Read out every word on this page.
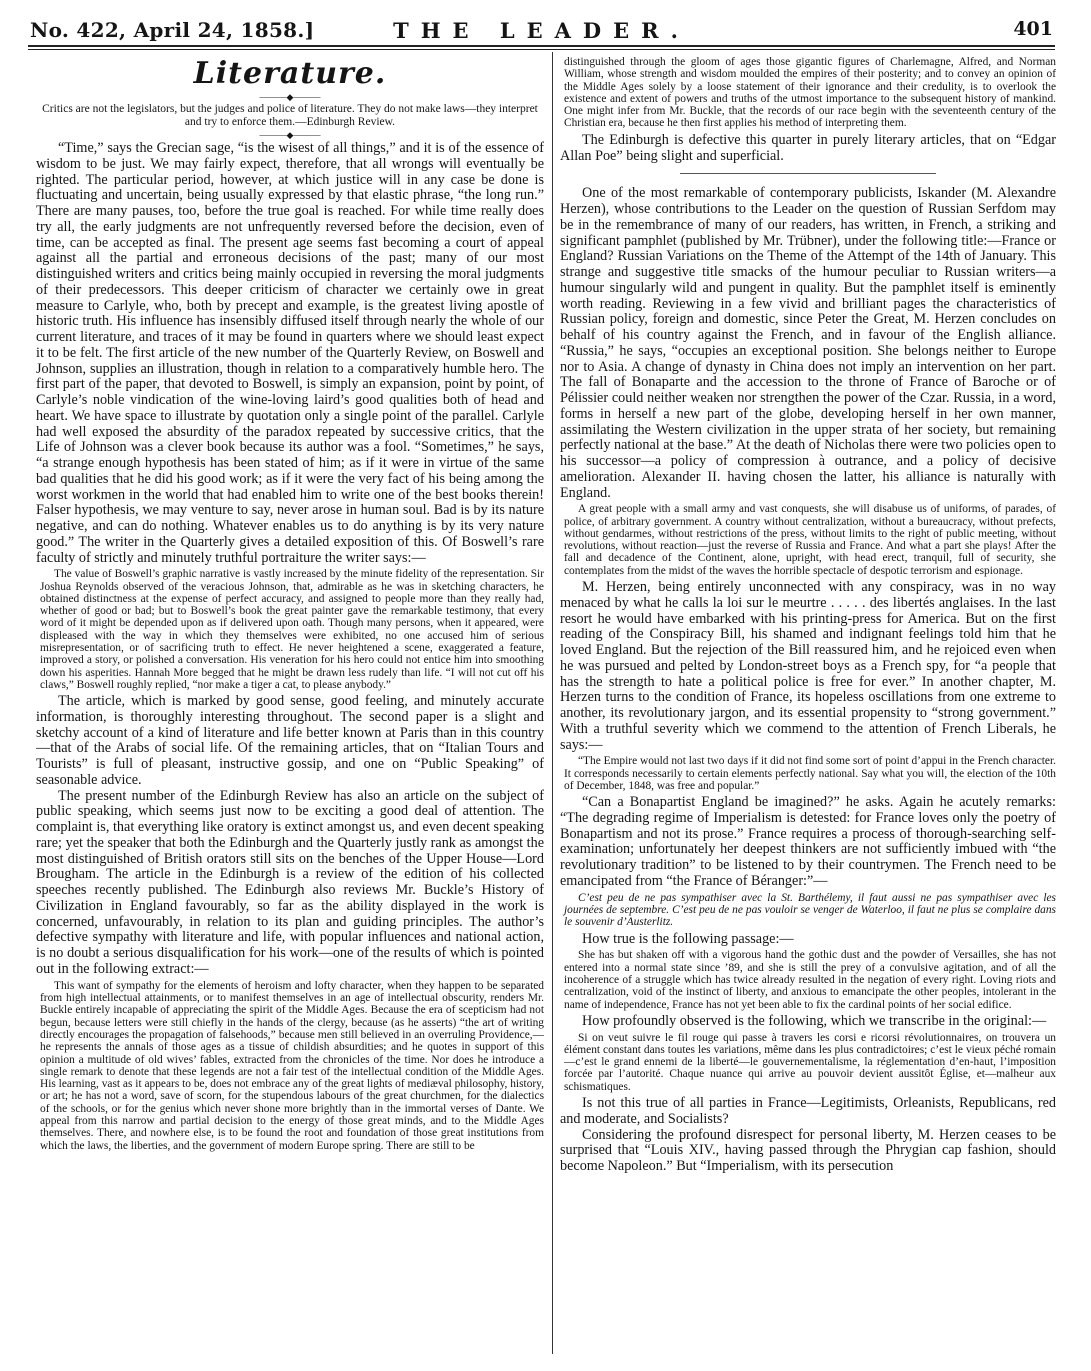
No. 422, April 24, 1858.]	THE LEADER.	401
Literature.
———◆———
Critics are not the legislators, but the judges and police of literature. They do not make laws—they interpret and try to enforce them.—Edinburgh Review.
———◆———

“Time,” says the Grecian sage, “is the wisest of all things,” and it is of the essence of wisdom to be just. We may fairly expect, therefore, that all wrongs will eventually be righted. The particular period, however, at which justice will in any case be done is fluctuating and uncertain, being usually expressed by that elastic phrase, “the long run.” There are many pauses, too, before the true goal is reached. For while time really does try all, the early judgments are not unfrequently reversed before the decision, even of time, can be accepted as final. The present age seems fast becoming a court of appeal against all the partial and erroneous decisions of the past; many of our most distinguished writers and critics being mainly occupied in reversing the moral judgments of their predecessors. This deeper criticism of character we certainly owe in great measure to Carlyle, who, both by precept and example, is the greatest living apostle of historic truth. His influence has insensibly diffused itself through nearly the whole of our current literature, and traces of it may be found in quarters where we should least expect it to be felt. The first article of the new number of the Quarterly Review, on Boswell and Johnson, supplies an illustration, though in relation to a comparatively humble hero. The first part of the paper, that devoted to Boswell, is simply an expansion, point by point, of Carlyle’s noble vindication of the wine-loving laird’s good qualities both of head and heart. We have space to illustrate by quotation only a single point of the parallel. Carlyle had well exposed the absurdity of the paradox repeated by successive critics, that the Life of Johnson was a clever book because its author was a fool. “Sometimes,” he says, “a strange enough hypothesis has been stated of him; as if it were in virtue of the same bad qualities that he did his good work; as if it were the very fact of his being among the worst workmen in the world that had enabled him to write one of the best books therein! Falser hypothesis, we may venture to say, never arose in human soul. Bad is by its nature negative, and can do nothing. Whatever enables us to do anything is by its very nature good.” The writer in the Quarterly gives a detailed exposition of this. Of Boswell’s rare faculty of strictly and minutely truthful portraiture the writer says:—

The value of Boswell’s graphic narrative is vastly increased by the minute fidelity of the representation. Sir Joshua Reynolds observed of the veracious Johnson, that, admirable as he was in sketching characters, he obtained distinctness at the expense of perfect accuracy, and assigned to people more than they really had, whether of good or bad; but to Boswell’s book the great painter gave the remarkable testimony, that every word of it might be depended upon as if delivered upon oath. Though many persons, when it appeared, were displeased with the way in which they themselves were exhibited, no one accused him of serious misrepresentation, or of sacrificing truth to effect. He never heightened a scene, exaggerated a feature, improved a story, or polished a conversation. His veneration for his hero could not entice him into smoothing down his asperities. Hannah More begged that he might be drawn less rudely than life. “I will not cut off his claws,” Boswell roughly replied, “nor make a tiger a cat, to please anybody.”

The article, which is marked by good sense, good feeling, and minutely accurate information, is thoroughly interesting throughout. The second paper is a slight and sketchy account of a kind of literature and life better known at Paris than in this country—that of the Arabs of social life. Of the remaining articles, that on “Italian Tours and Tourists” is full of pleasant, instructive gossip, and one on “Public Speaking” of seasonable advice.

The present number of the Edinburgh Review has also an article on the subject of public speaking, which seems just now to be exciting a good deal of attention. The complaint is, that everything like oratory is extinct amongst us, and even decent speaking rare; yet the speaker that both the Edinburgh and the Quarterly justly rank as amongst the most distinguished of British orators still sits on the benches of the Upper House—Lord Brougham. The article in the Edinburgh is a review of the edition of his collected speeches recently published. The Edinburgh also reviews Mr. Buckle’s History of Civilization in England favourably, so far as the ability displayed in the work is concerned, unfavourably, in relation to its plan and guiding principles. The author’s defective sympathy with literature and life, with popular influences and national action, is no doubt a serious disqualification for his work—one of the results of which is pointed out in the following extract:—

This want of sympathy for the elements of heroism and lofty character, when they happen to be separated from high intellectual attainments, or to manifest themselves in an age of intellectual obscurity, renders Mr. Buckle entirely incapable of appreciating the spirit of the Middle Ages. Because the era of scepticism had not begun, because letters were still chiefly in the hands of the clergy, because (as he asserts) “the art of writing directly encourages the propagation of falsehoods,” because men still believed in an overruling Providence,—he represents the annals of those ages as a tissue of childish absurdities; and he quotes in support of this opinion a multitude of old wives’ fables, extracted from the chronicles of the time. Nor does he introduce a single remark to denote that these legends are not a fair test of the intellectual condition of the Middle Ages. His learning, vast as it appears to be, does not embrace any of the great lights of mediæval philosophy, history, or art; he has not a word, save of scorn, for the stupendous labours of the great churchmen, for the dialectics of the schools, or for the genius which never shone more brightly than in the immortal verses of Dante. We appeal from this narrow and partial decision to the energy of those great minds, and to the Middle Ages themselves. There, and nowhere else, is to be found the root and foundation of those great institutions from which the laws, the liberties, and the government of modern Europe spring. There are still to be

distinguished through the gloom of ages those gigantic figures of Charlemagne, Alfred, and Norman William, whose strength and wisdom moulded the empires of their posterity; and to convey an opinion of the Middle Ages solely by a loose statement of their ignorance and their credulity, is to overlook the existence and extent of powers and truths of the utmost importance to the subsequent history of mankind. One might infer from Mr. Buckle, that the records of our race begin with the seventeenth century of the Christian era, because he then first applies his method of interpreting them.

The Edinburgh is defective this quarter in purely literary articles, that on “Edgar Allan Poe” being slight and superficial.

One of the most remarkable of contemporary publicists, Iskander (M. Alexandre Herzen), whose contributions to the Leader on the question of Russian Serfdom may be in the remembrance of many of our readers, has written, in French, a striking and significant pamphlet (published by Mr. Trübner), under the following title:—France or England? Russian Variations on the Theme of the Attempt of the 14th of January. This strange and suggestive title smacks of the humour peculiar to Russian writers—a humour singularly wild and pungent in quality. But the pamphlet itself is eminently worth reading. Reviewing in a few vivid and brilliant pages the characteristics of Russian policy, foreign and domestic, since Peter the Great, M. Herzen concludes on behalf of his country against the French, and in favour of the English alliance. “Russia,” he says, “occupies an exceptional position. She belongs neither to Europe nor to Asia. A change of dynasty in China does not imply an intervention on her part. The fall of Bonaparte and the accession to the throne of France of Baroche or of Pélissier could neither weaken nor strengthen the power of the Czar. Russia, in a word, forms in herself a new part of the globe, developing herself in her own manner, assimilating the Western civilization in the upper strata of her society, but remaining perfectly national at the base.” At the death of Nicholas there were two policies open to his successor—a policy of compression à outrance, and a policy of decisive amelioration. Alexander II. having chosen the latter, his alliance is naturally with England.

A great people with a small army and vast conquests, she will disabuse us of uniforms, of parades, of police, of arbitrary government. A country without centralization, without a bureaucracy, without prefects, without gendarmes, without restrictions of the press, without limits to the right of public meeting, without revolutions, without reaction—just the reverse of Russia and France. And what a part she plays! After the fall and decadence of the Continent, alone, upright, with head erect, tranquil, full of security, she contemplates from the midst of the waves the horrible spectacle of despotic terrorism and espionage.

M. Herzen, being entirely unconnected with any conspiracy, was in no way menaced by what he calls la loi sur le meurtre . . . . . des libertés anglaises. In the last resort he would have embarked with his printing-press for America. But on the first reading of the Conspiracy Bill, his shamed and indignant feelings told him that he loved England. But the rejection of the Bill reassured him, and he rejoiced even when he was pursued and pelted by London-street boys as a French spy, for “a people that has the strength to hate a political police is free for ever.” In another chapter, M. Herzen turns to the condition of France, its hopeless oscillations from one extreme to another, its revolutionary jargon, and its essential propensity to “strong government.” With a truthful severity which we commend to the attention of French Liberals, he says:—

“The Empire would not last two days if it did not find some sort of point d’appui in the French character. It corresponds necessarily to certain elements perfectly national. Say what you will, the election of the 10th of December, 1848, was free and popular.”

“Can a Bonapartist England be imagined?” he asks. Again he acutely remarks: “The degrading regime of Imperialism is detested: for France loves only the poetry of Bonapartism and not its prose.” France requires a process of thorough-searching self-examination; unfortunately her deepest thinkers are not sufficiently imbued with “the revolutionary tradition” to be listened to by their countrymen. The French need to be emancipated from “the France of Béranger:”—

C’est peu de ne pas sympathiser avec la St. Barthélemy, il faut aussi ne pas sympathiser avec les journées de septembre. C’est peu de ne pas vouloir se venger de Waterloo, il faut ne plus se complaire dans le souvenir d’Austerlitz.

How true is the following passage:—

She has but shaken off with a vigorous hand the gothic dust and the powder of Versailles, she has not entered into a normal state since ’89, and she is still the prey of a convulsive agitation, and of all the incoherence of a struggle which has twice already resulted in the negation of every right. Loving riots and centralization, void of the instinct of liberty, and anxious to emancipate the other peoples, intolerant in the name of independence, France has not yet been able to fix the cardinal points of her social edifice.

How profoundly observed is the following, which we transcribe in the original:—

Si on veut suivre le fil rouge qui passe à travers les corsi e ricorsi révolutionnaires, on trouvera un élément constant dans toutes les variations, même dans les plus contradictoires; c’est le vieux péché romain—c’est le grand ennemi de la liberté—le gouvernementalisme, la réglementation d’en-haut, l’imposition forcée par l’autorité. Chaque nuance qui arrive au pouvoir devient aussitôt Église, et—malheur aux schismatiques.

Is not this true of all parties in France—Legitimists, Orleanists, Republicans, red and moderate, and Socialists?

Considering the profound disrespect for personal liberty, M. Herzen ceases to be surprised that “Louis XIV., having passed through the Phrygian cap fashion, should become Napoleon.” But “Imperialism, with its persecution
